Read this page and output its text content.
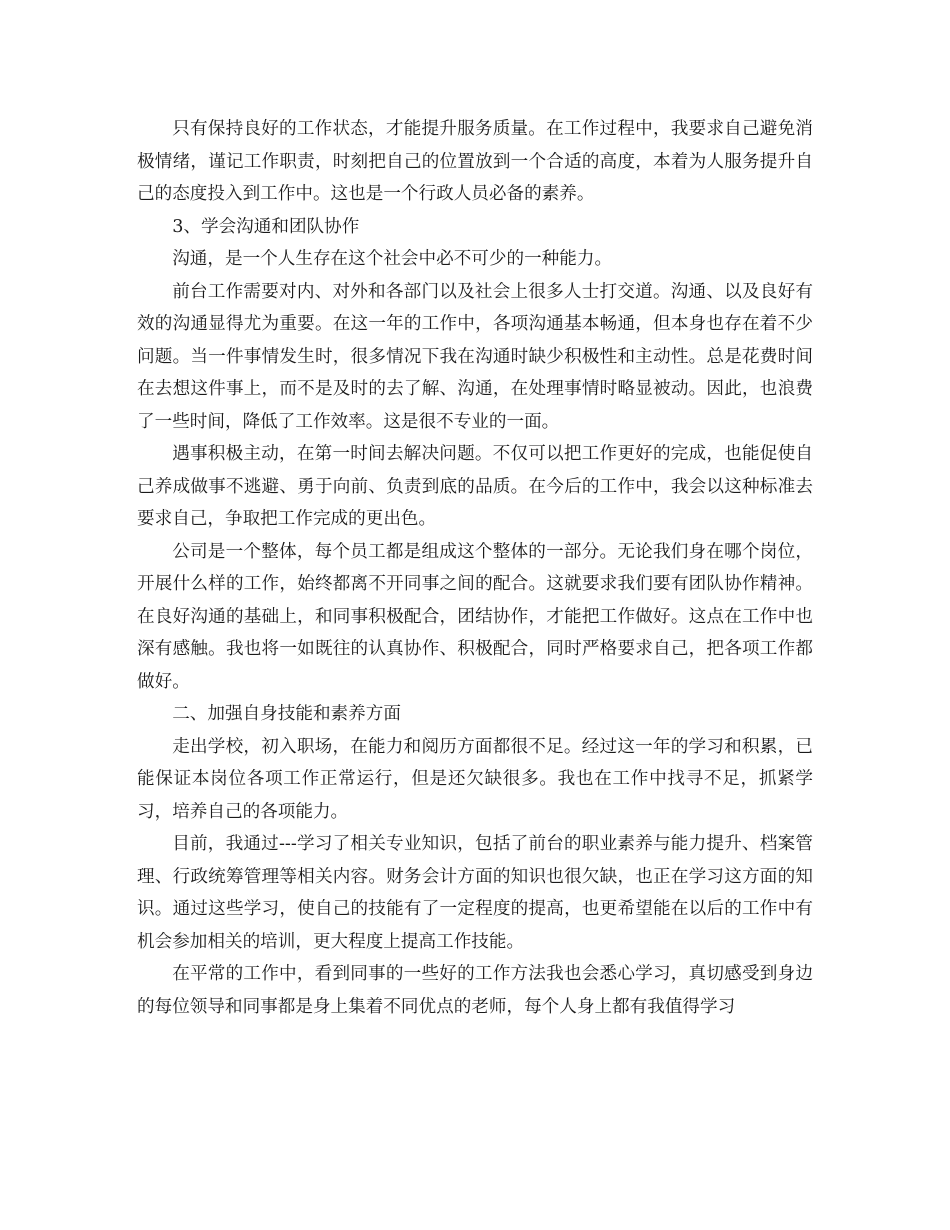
只有保持良好的工作状态，才能提升服务质量。在工作过程中，我要求自己避免消极情绪，谨记工作职责，时刻把自己的位置放到一个合适的高度，本着为人服务提升自己的态度投入到工作中。这也是一个行政人员必备的素养。

3、学会沟通和团队协作

沟通，是一个人生存在这个社会中必不可少的一种能力。

前台工作需要对内、对外和各部门以及社会上很多人士打交道。沟通、以及良好有效的沟通显得尤为重要。在这一年的工作中，各项沟通基本畅通，但本身也存在着不少问题。当一件事情发生时，很多情况下我在沟通时缺少积极性和主动性。总是花费时间在去想这件事上，而不是及时的去了解、沟通，在处理事情时略显被动。因此，也浪费了一些时间，降低了工作效率。这是很不专业的一面。

遇事积极主动，在第一时间去解决问题。不仅可以把工作更好的完成，也能促使自己养成做事不逃避、勇于向前、负责到底的品质。在今后的工作中，我会以这种标准去要求自己，争取把工作完成的更出色。

公司是一个整体，每个员工都是组成这个整体的一部分。无论我们身在哪个岗位，开展什么样的工作，始终都离不开同事之间的配合。这就要求我们要有团队协作精神。在良好沟通的基础上，和同事积极配合，团结协作，才能把工作做好。这点在工作中也深有感触。我也将一如既往的认真协作、积极配合，同时严格要求自己，把各项工作都做好。

二、加强自身技能和素养方面

走出学校，初入职场，在能力和阅历方面都很不足。经过这一年的学习和积累，已能保证本岗位各项工作正常运行，但是还欠缺很多。我也在工作中找寻不足，抓紧学习，培养自己的各项能力。

目前，我通过---学习了相关专业知识，包括了前台的职业素养与能力提升、档案管理、行政统筹管理等相关内容。财务会计方面的知识也很欠缺，也正在学习这方面的知识。通过这些学习，使自己的技能有了一定程度的提高，也更希望能在以后的工作中有机会参加相关的培训，更大程度上提高工作技能。

在平常的工作中，看到同事的一些好的工作方法我也会悉心学习，真切感受到身边的每位领导和同事都是身上集着不同优点的老师，每个人身上都有我值得学习
